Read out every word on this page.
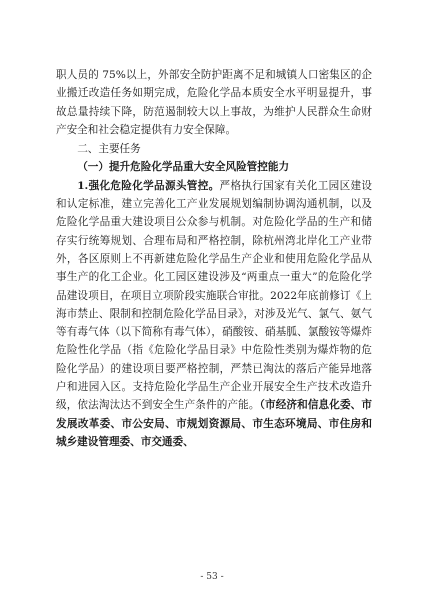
职人员的 75%以上，外部安全防护距离不足和城镇人口密集区的企业搬迁改造任务如期完成，危险化学品本质安全水平明显提升，事故总量持续下降，防范遏制较大以上事故，为维护人民群众生命财产安全和社会稳定提供有力安全保障。

二、主要任务

（一）提升危险化学品重大安全风险管控能力

1.强化危险化学品源头管控。严格执行国家有关化工园区建设和认定标准，建立完善化工产业发展规划编制协调沟通机制，以及危险化学品重大建设项目公众参与机制。对危险化学品的生产和储存实行统筹规划、合理布局和严格控制，除杭州湾北岸化工产业带外，各区原则上不再新建危险化学品生产企业和使用危险化学品从事生产的化工企业。化工园区建设涉及“两重点一重大”的危险化学品建设项目，在项目立项阶段实施联合审批。2022年底前修订《上海市禁止、限制和控制危险化学品目录》，对涉及光气、氯气、氨气等有毒气体（以下简称有毒气体），硝酸铵、硝基胍、氯酸铵等爆炸危险性化学品（指《危险化学品目录》中危险性类别为爆炸物的危险化学品）的建设项目要严格控制，严禁已淘汰的落后产能异地落户和进园入区。支持危险化学品生产企业开展安全生产技术改造升级，依法淘汰达不到安全生产条件的产能。（市经济和信息化委、市发展改革委、市公安局、市规划资源局、市生态环境局、市住房和城乡建设管理委、市交通委、

- 53 -
